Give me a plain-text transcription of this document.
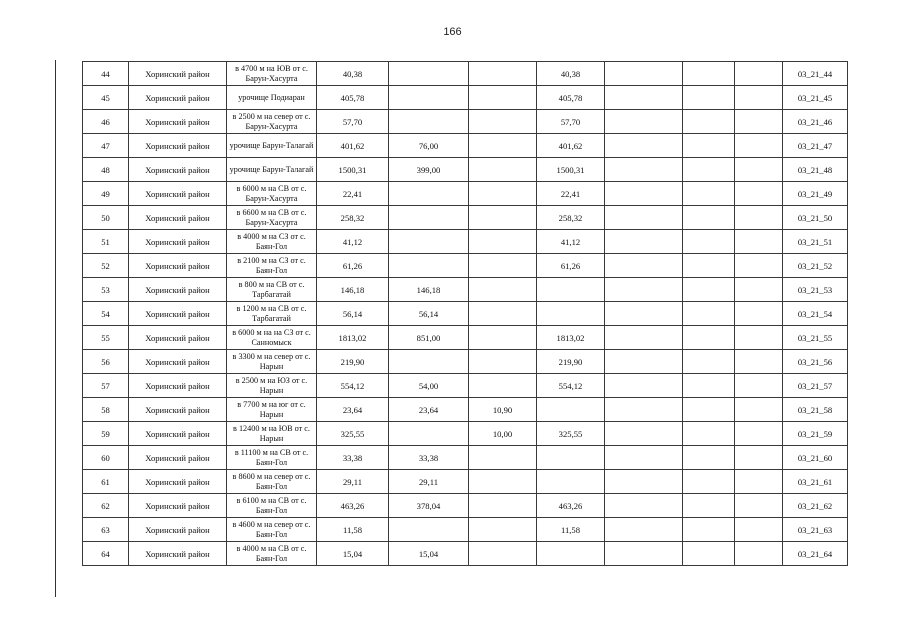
166
44	Хоринский район	в 4700 м на ЮВ от с. Барун-Хасурта	40,38			40,38				03_21_44
45	Хоринский район	урочище Подиаран	405,78			405,78				03_21_45
46	Хоринский район	в 2500 м на север от с. Барун-Хасурта	57,70			57,70				03_21_46
47	Хоринский район	урочище Барун-Талагай	401,62	76,00		401,62				03_21_47
48	Хоринский район	урочище Барун-Талагай	1500,31	399,00		1500,31				03_21_48
49	Хоринский район	в 6000 м на СВ от с. Барун-Хасурта	22,41			22,41				03_21_49
50	Хоринский район	в 6600 м на СВ от с. Барун-Хасурта	258,32			258,32				03_21_50
51	Хоринский район	в 4000 м на СЗ от с. Баян-Гол	41,12			41,12				03_21_51
52	Хоринский район	в 2100 м на СЗ от с. Баян-Гол	61,26			61,26				03_21_52
53	Хоринский район	в 800 м на СВ от с. Тарбагатай	146,18	146,18						03_21_53
54	Хоринский район	в 1200 м на СВ от с. Тарбагатай	56,14	56,14						03_21_54
55	Хоринский район	в 6000 м на на СЗ от с. Санномыск	1813,02	851,00		1813,02				03_21_55
56	Хоринский район	в 3300 м на север от с. Нарын	219,90			219,90				03_21_56
57	Хоринский район	в 2500 м на ЮЗ от с. Нарын	554,12	54,00		554,12				03_21_57
58	Хоринский район	в 7700 м на юг от с. Нарын	23,64	23,64	10,90					03_21_58
59	Хоринский район	в 12400 м на ЮВ от с. Нарын	325,55		10,00	325,55				03_21_59
60	Хоринский район	в 11100 м на СВ от с. Баян-Гол	33,38	33,38						03_21_60
61	Хоринский район	в 8600 м на север от с. Баян-Гол	29,11	29,11						03_21_61
62	Хоринский район	в 6100 м на СВ от с. Баян-Гол	463,26	378,04		463,26				03_21_62
63	Хоринский район	в 4600 м на север от с. Баян-Гол	11,58			11,58				03_21_63
64	Хоринский район	в 4000 м на СВ от с. Баян-Гол	15,04	15,04						03_21_64
